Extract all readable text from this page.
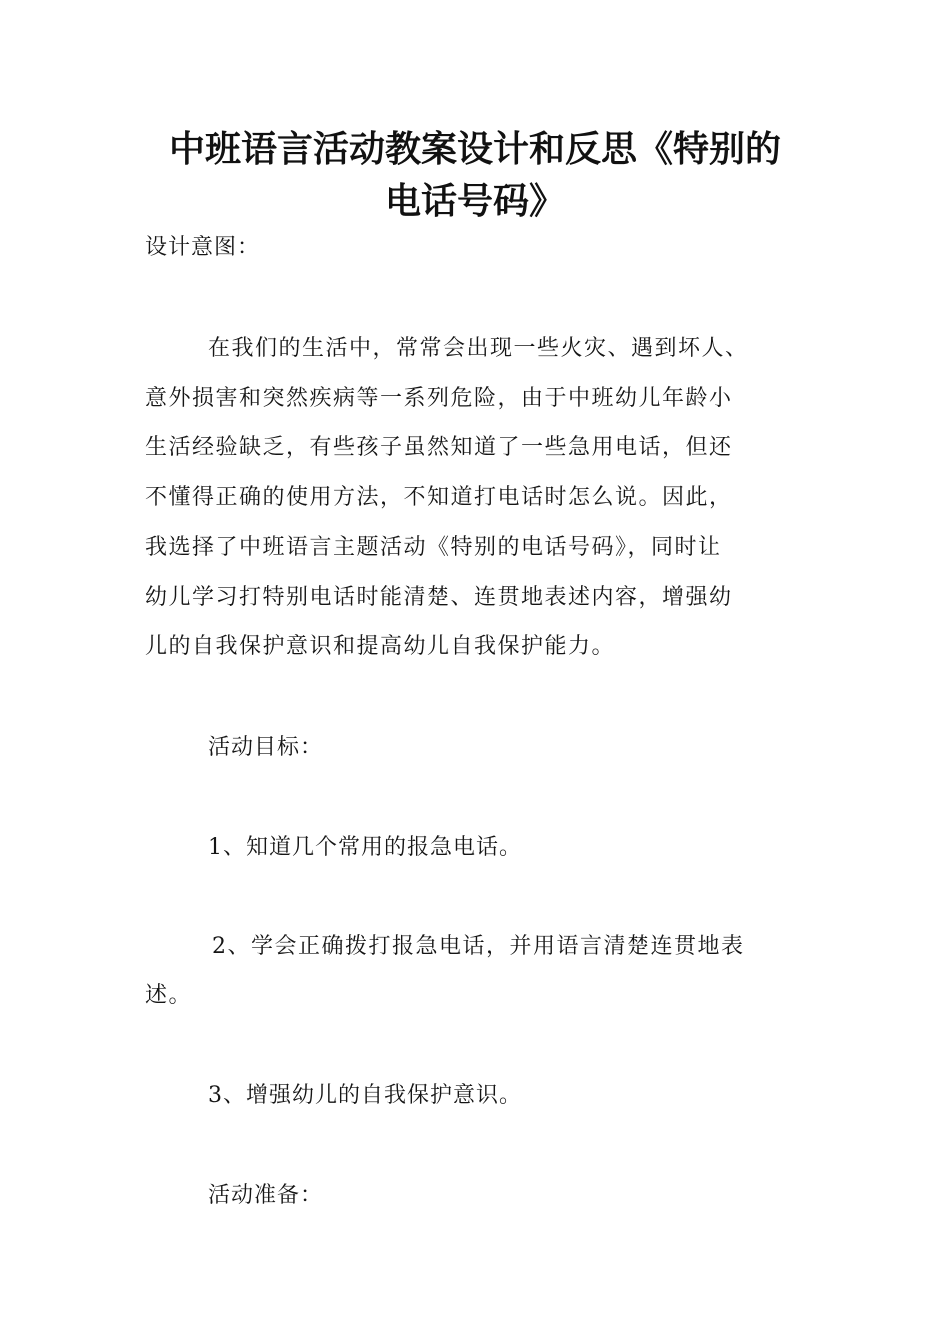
中班语言活动教案设计和反思《特别的
电话号码》
设计意图：
在我们的生活中，常常会出现一些火灾、遇到坏人、
意外损害和突然疾病等一系列危险，由于中班幼儿年龄小
生活经验缺乏，有些孩子虽然知道了一些急用电话，但还
不懂得正确的使用方法，不知道打电话时怎么说。因此，
我选择了中班语言主题活动《特别的电话号码》，同时让
幼儿学习打特别电话时能清楚、连贯地表述内容，增强幼
儿的自我保护意识和提高幼儿自我保护能力。
活动目标：
1、知道几个常用的报急电话。
2、学会正确拨打报急电话，并用语言清楚连贯地表
述。
3、增强幼儿的自我保护意识。
活动准备：
